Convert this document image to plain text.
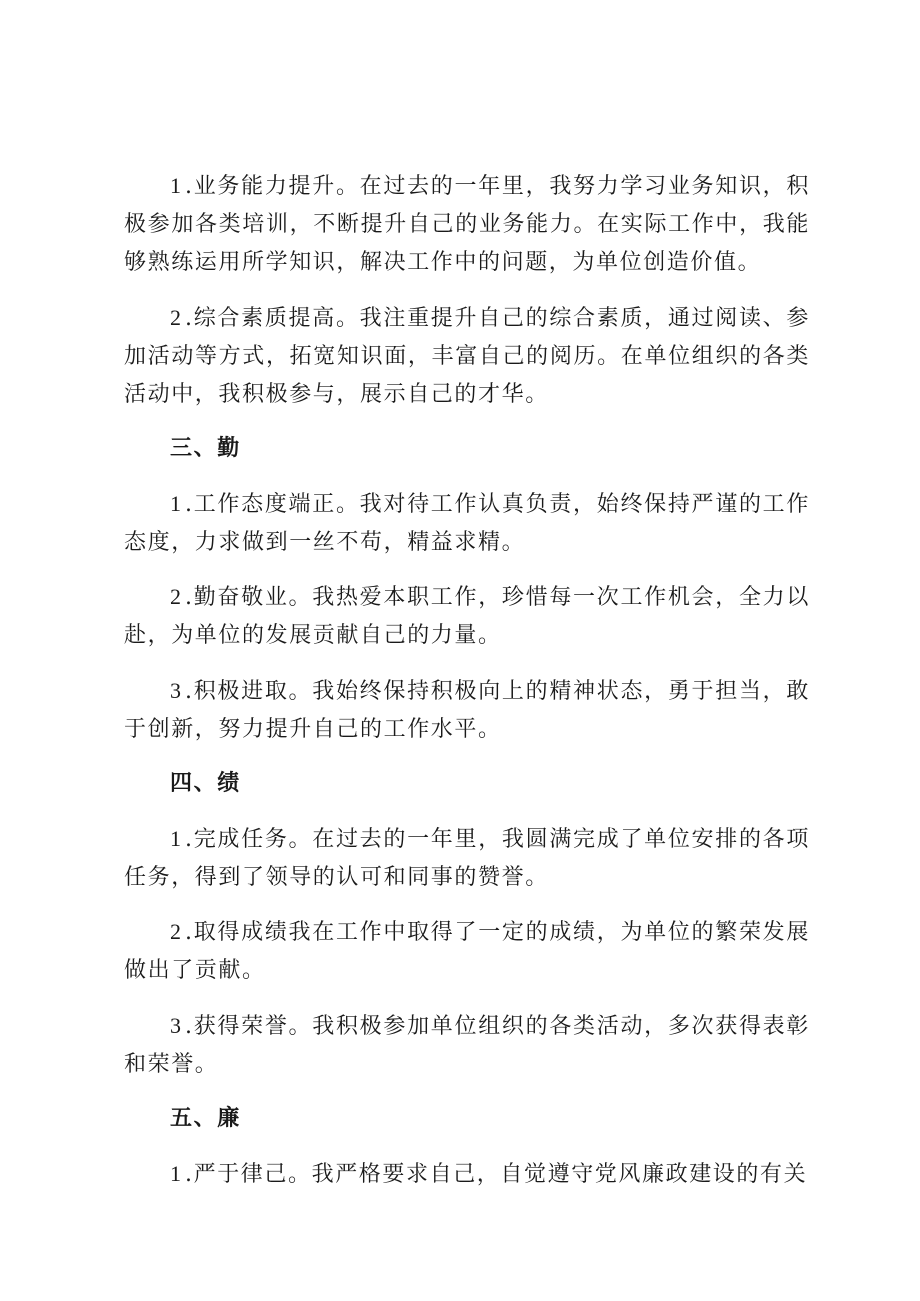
1 .业务能力提升。在过去的一年里，我努力学习业务知识，积极参加各类培训，不断提升自己的业务能力。在实际工作中，我能够熟练运用所学知识，解决工作中的问题，为单位创造价值。

2 .综合素质提高。我注重提升自己的综合素质，通过阅读、参加活动等方式，拓宽知识面，丰富自己的阅历。在单位组织的各类活动中，我积极参与，展示自己的才华。

三、勤

1 .工作态度端正。我对待工作认真负责，始终保持严谨的工作态度，力求做到一丝不苟，精益求精。

2 .勤奋敬业。我热爱本职工作，珍惜每一次工作机会，全力以赴，为单位的发展贡献自己的力量。

3 .积极进取。我始终保持积极向上的精神状态，勇于担当，敢于创新，努力提升自己的工作水平。

四、绩

1 .完成任务。在过去的一年里，我圆满完成了单位安排的各项任务，得到了领导的认可和同事的赞誉。

2 .取得成绩我在工作中取得了一定的成绩，为单位的繁荣发展做出了贡献。

3 .获得荣誉。我积极参加单位组织的各类活动，多次获得表彰和荣誉。

五、廉

1 .严于律己。我严格要求自己，自觉遵守党风廉政建设的有关
